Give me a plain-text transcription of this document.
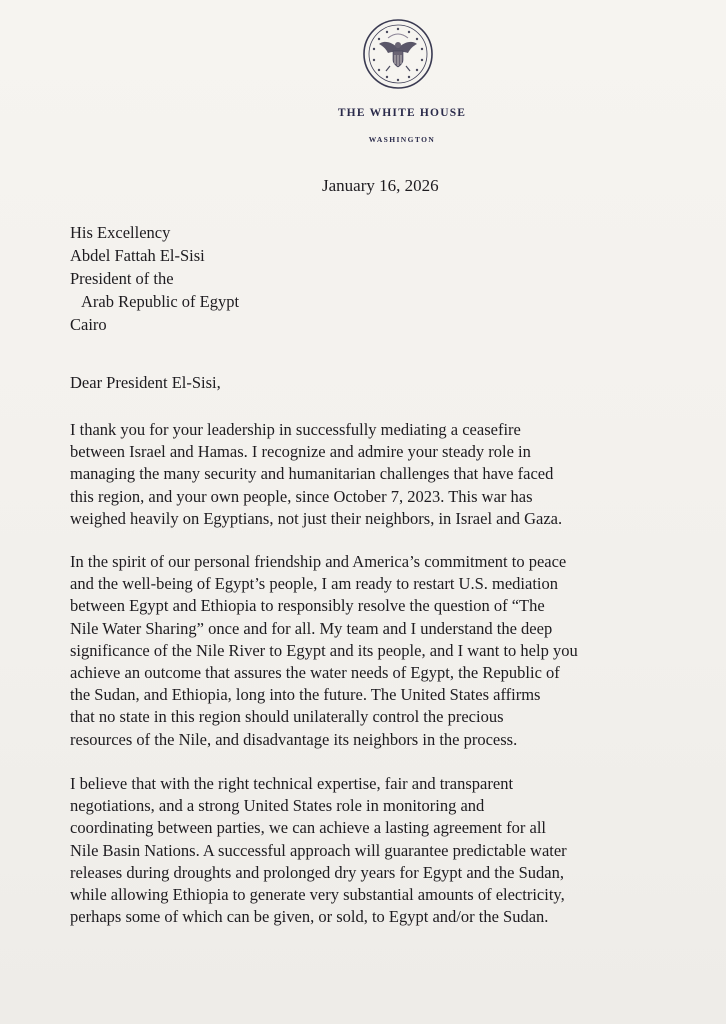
THE WHITE HOUSE
WASHINGTON
January 16, 2026
His Excellency
Abdel Fattah El-Sisi
President of the
Arab Republic of Egypt
Cairo
Dear President El-Sisi,
I thank you for your leadership in successfully mediating a ceasefire
between Israel and Hamas. I recognize and admire your steady role in
managing the many security and humanitarian challenges that have faced
this region, and your own people, since October 7, 2023. This war has
weighed heavily on Egyptians, not just their neighbors, in Israel and Gaza.
In the spirit of our personal friendship and America’s commitment to peace
and the well-being of Egypt’s people, I am ready to restart U.S. mediation
between Egypt and Ethiopia to responsibly resolve the question of “The
Nile Water Sharing” once and for all. My team and I understand the deep
significance of the Nile River to Egypt and its people, and I want to help you
achieve an outcome that assures the water needs of Egypt, the Republic of
the Sudan, and Ethiopia, long into the future. The United States affirms
that no state in this region should unilaterally control the precious
resources of the Nile, and disadvantage its neighbors in the process.
I believe that with the right technical expertise, fair and transparent
negotiations, and a strong United States role in monitoring and
coordinating between parties, we can achieve a lasting agreement for all
Nile Basin Nations. A successful approach will guarantee predictable water
releases during droughts and prolonged dry years for Egypt and the Sudan,
while allowing Ethiopia to generate very substantial amounts of electricity,
perhaps some of which can be given, or sold, to Egypt and/or the Sudan.
